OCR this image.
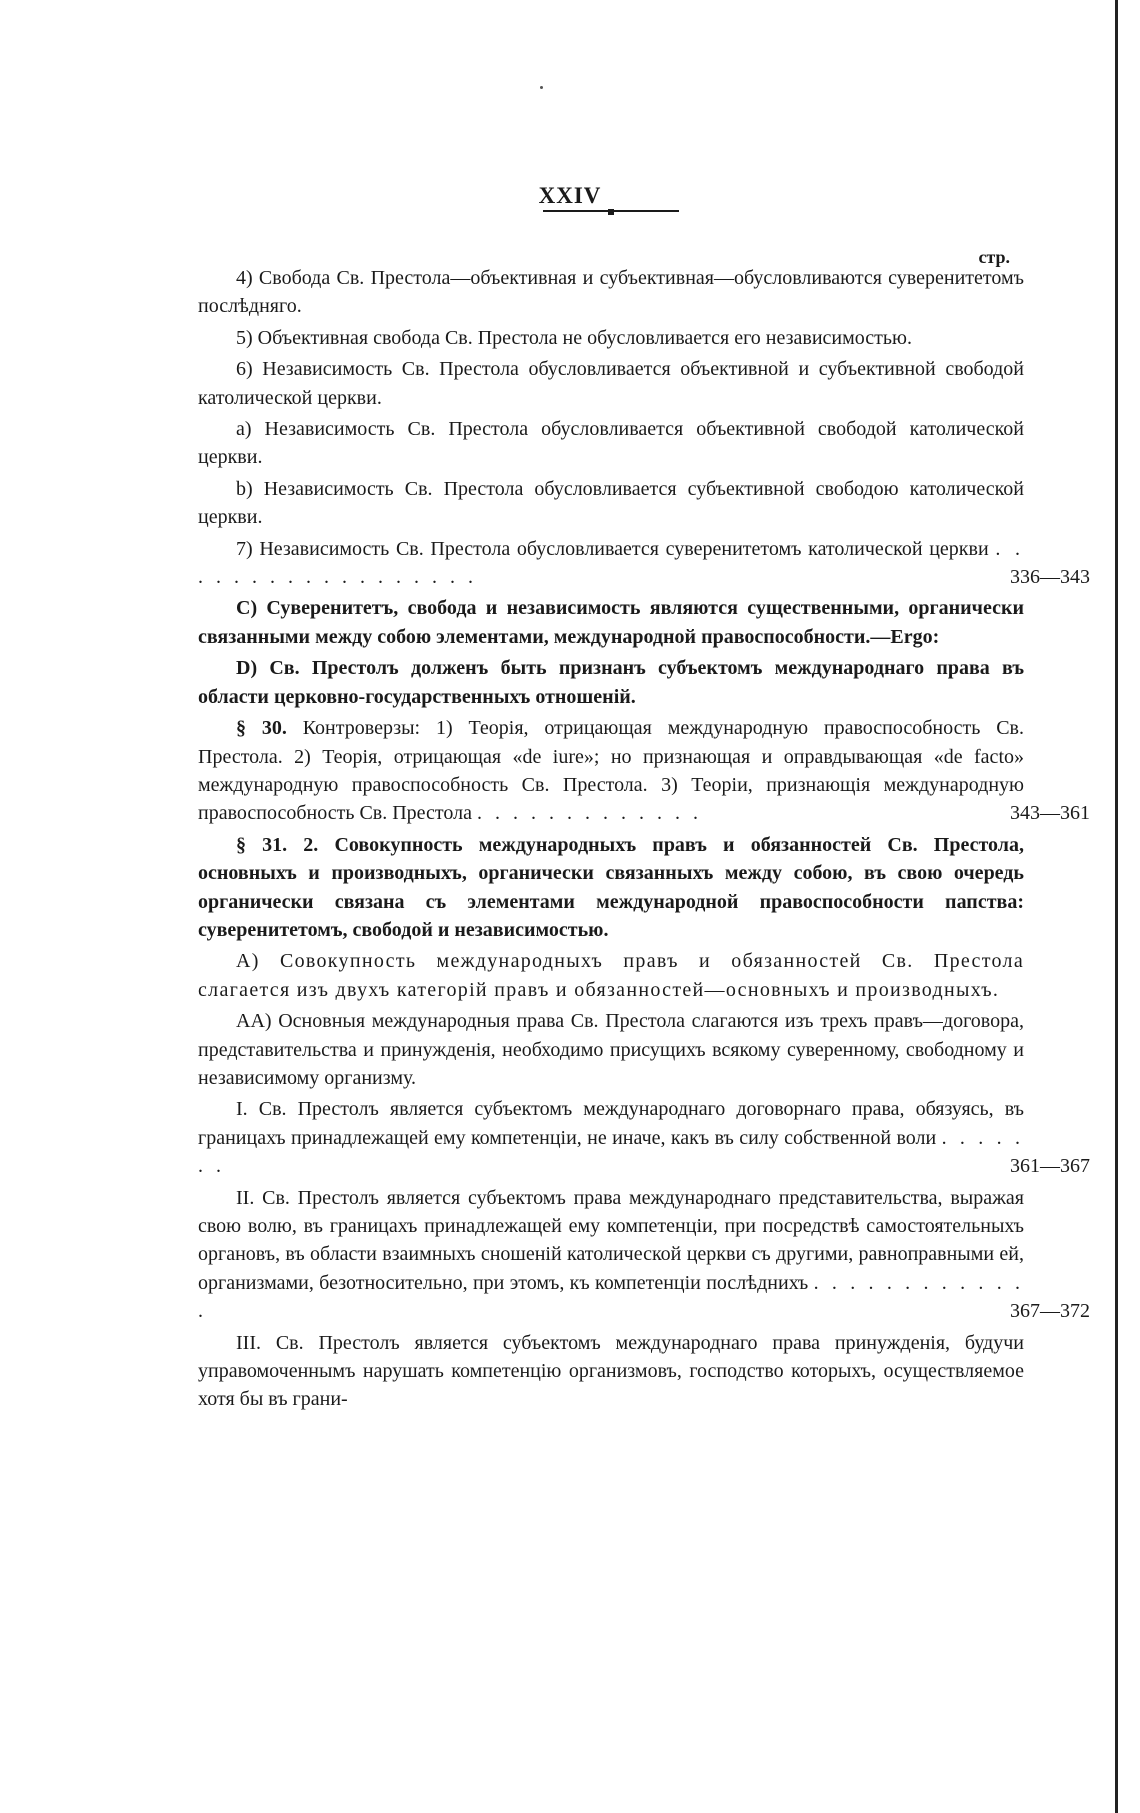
XXIV
стр.
4) Свобода Св. Престола—объективная и субъективная—обусловливаются суверенитетомъ послѣдняго.
5) Объективная свобода Св. Престола не обусловливается его независимостью.
6) Независимость Св. Престола обусловливается объективной и субъективной свободой католической церкви.
а) Независимость Св. Престола обусловливается объективной свободой католической церкви.
b) Независимость Св. Престола обусловливается субъективной свободою католической церкви.
7) Независимость Св. Престола обусловливается суверенитетомъ католической церкви . . . . . . . . . . . . . . . . . .	336—343
С) Суверенитетъ, свобода и независимость являются существенными, органически связанными между собою элементами, международной правоспособности.—Ergo:
D) Св. Престолъ долженъ быть признанъ субъектомъ международнаго права въ области церковно-государственныхъ отношеній.
§ 30. Контроверзы: 1) Теорія, отрицающая международную правоспособность Св. Престола. 2) Теорія, отрицающая «de iure»; но признающая и оправдывающая «de facto» международную правоспособность Св. Престола. 3) Теоріи, признающія международную правоспособность Св. Престола . . . . . . . . . . . . .	343—361
§ 31. 2. Совокупность международныхъ правъ и обязанностей Св. Престола, основныхъ и производныхъ, органически связанныхъ между собою, въ свою очередь органически связана съ элементами международной правоспособности папства: суверенитетомъ, свободой и независимостью.
А) Совокупность международныхъ правъ и обязанностей Св. Престола слагается изъ двухъ категорій правъ и обязанностей—основныхъ и производныхъ.
АА) Основныя международныя права Св. Престола слагаются изъ трехъ правъ—договора, представительства и принужденія, необходимо присущихъ всякому суверенному, свободному и независимому организму.
I. Св. Престолъ является субъектомъ международнаго договорнаго права, обязуясь, въ границахъ принадлежащей ему компетенціи, не иначе, какъ въ силу собственной воли . . . . . . .	361—367
II. Св. Престолъ является субъектомъ права международнаго представительства, выражая свою волю, въ границахъ принадлежащей ему компетенціи, при посредствѣ самостоятельныхъ органовъ, въ области взаимныхъ сношеній католической церкви съ другими, равноправными ей, организмами, безотносительно, при этомъ, къ компетенціи послѣднихъ . . . . . . . . . . . . .	367—372
III. Св. Престолъ является субъектомъ международнаго права принужденія, будучи управомоченнымъ нарушать компетенцію организмовъ, господство которыхъ, осуществляемое хотя бы въ грани-
